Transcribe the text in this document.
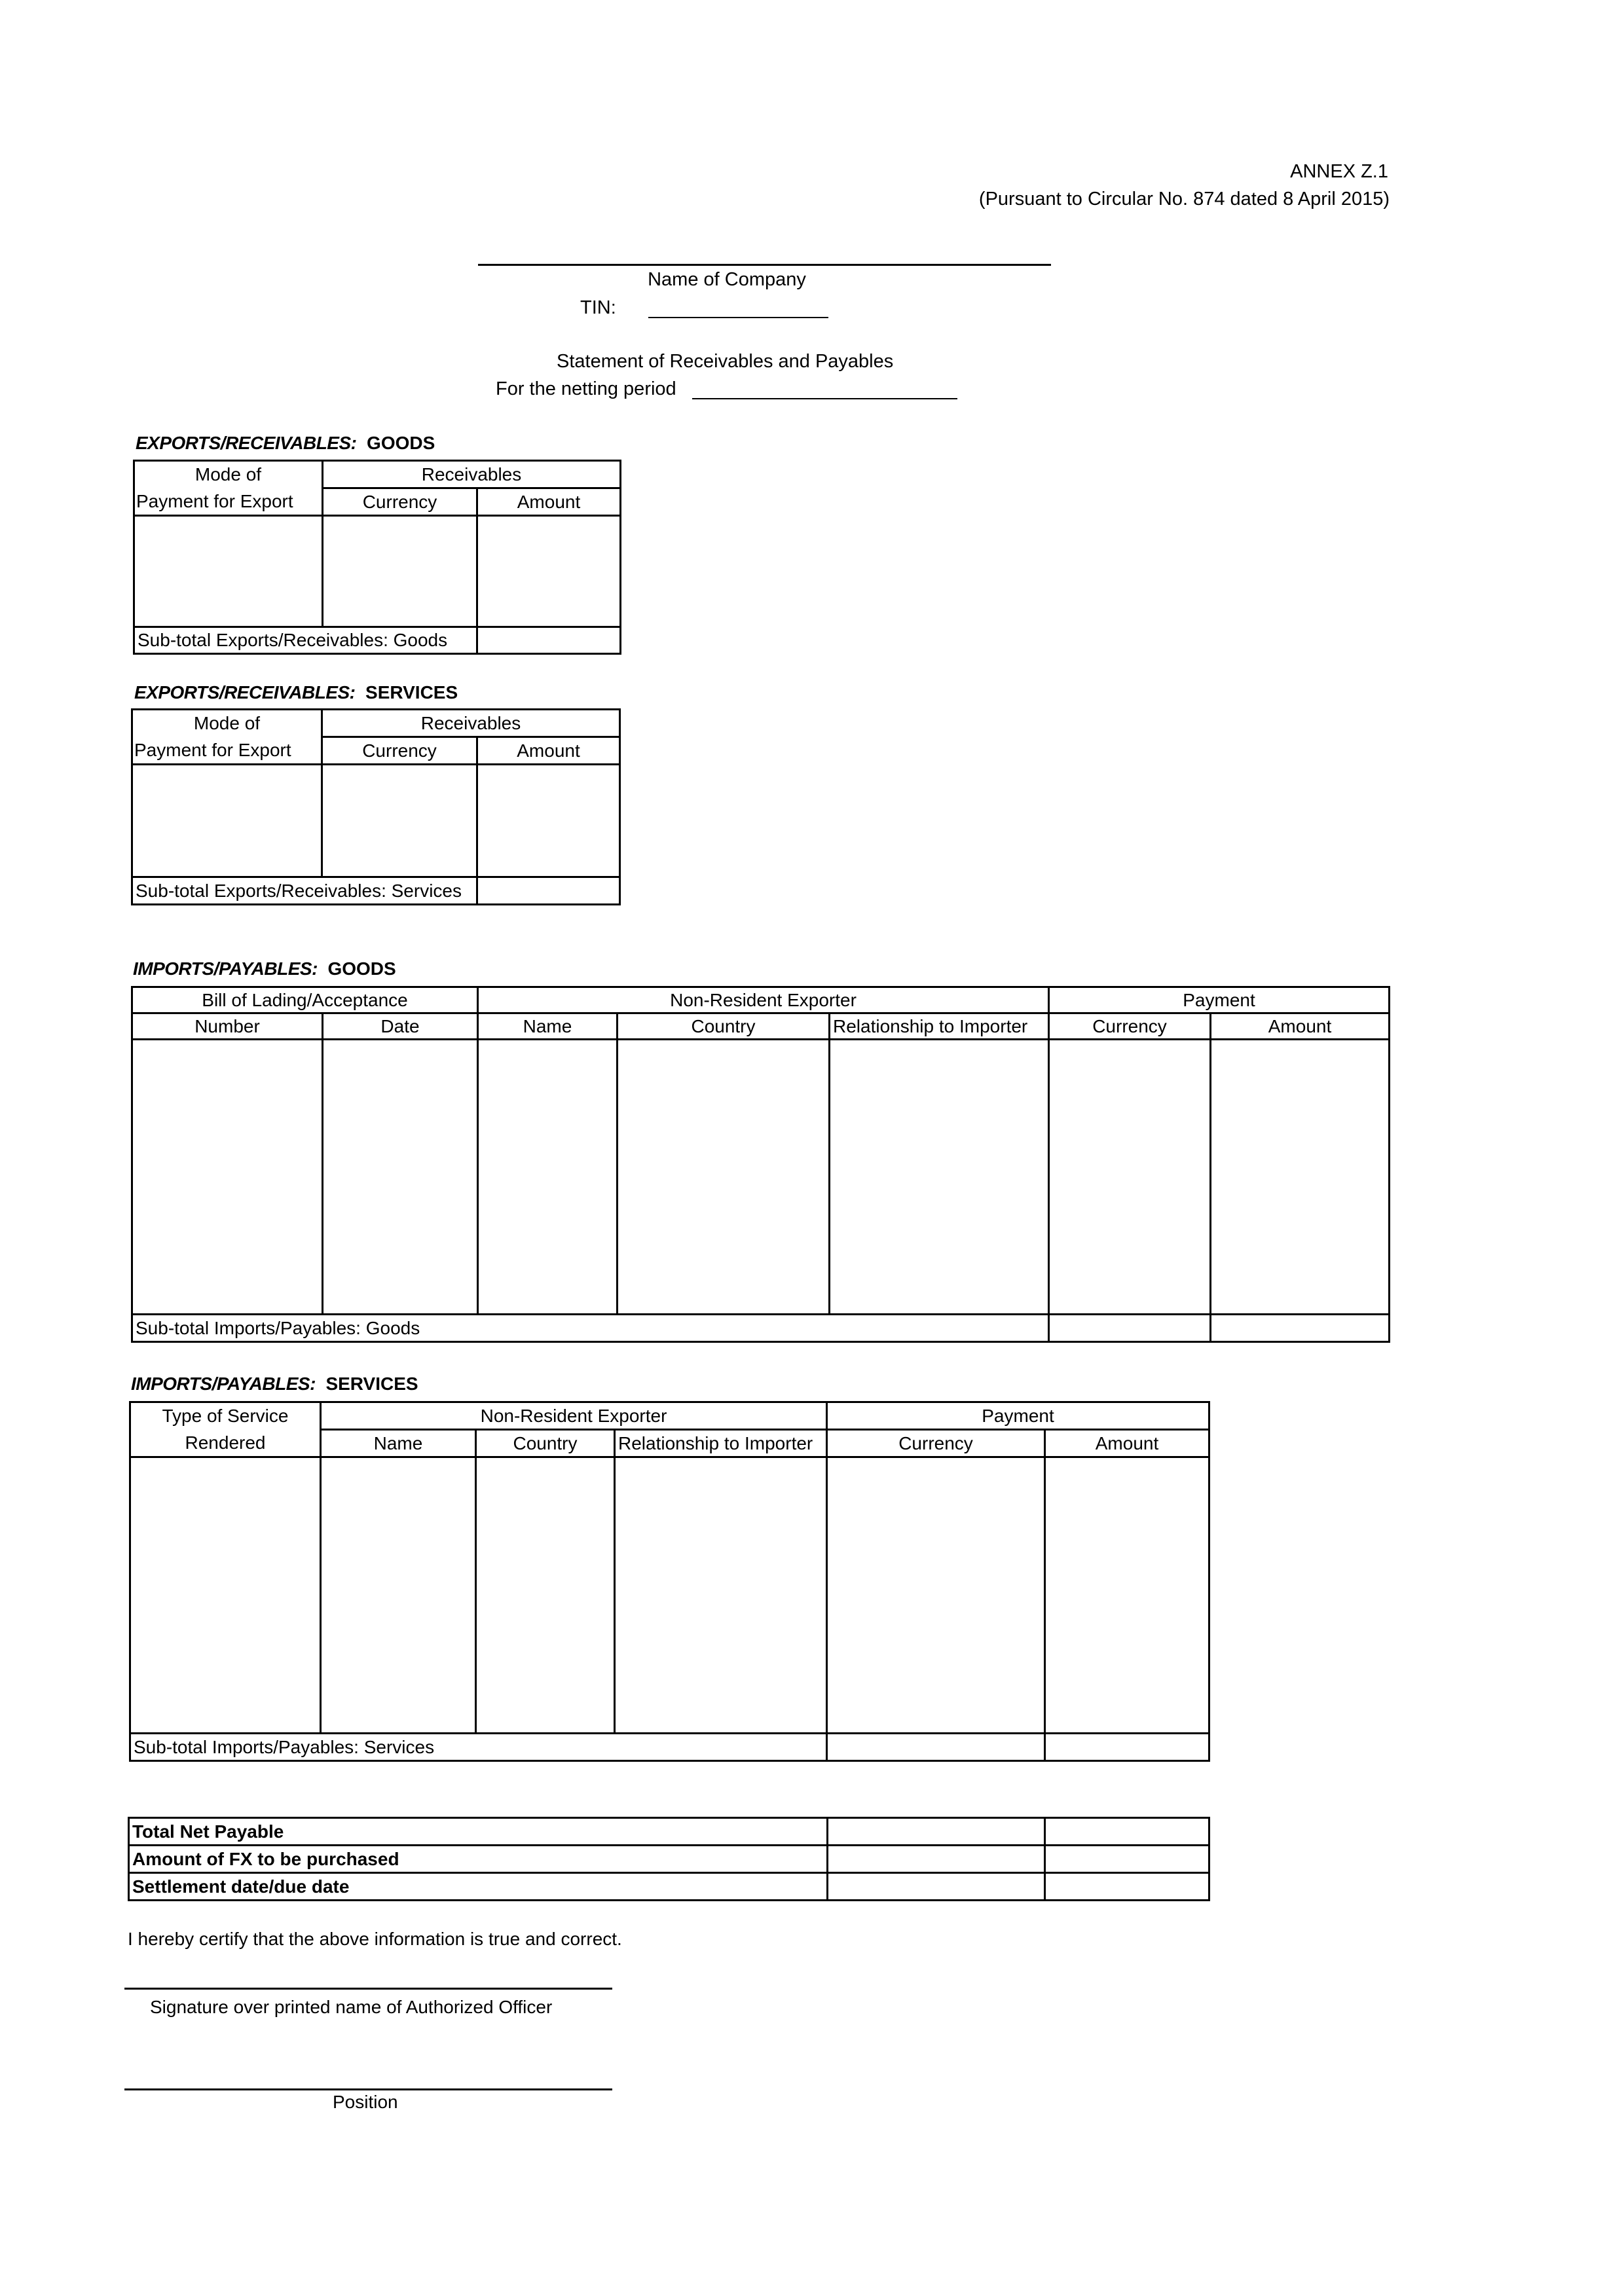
ANNEX Z.1
(Pursuant to Circular No. 874 dated 8 April 2015)
Name of Company
TIN:
Statement of Receivables and Payables
For the netting period
EXPORTS/RECEIVABLES: GOODS
Mode of
Payment for Export	Receivables	
	Currency	Amount

Sub-total Exports/Receivables: Goods		
EXPORTS/RECEIVABLES: SERVICES
Mode of
Payment for Export	Receivables	
	Currency	Amount

Sub-total Exports/Receivables: Services		
IMPORTS/PAYABLES: GOODS
Bill of Lading/Acceptance		Non-Resident Exporter			Payment	
Number	Date	Name	Country	Relationship to Importer	Currency	Amount

Sub-total Imports/Payables: Goods						
IMPORTS/PAYABLES: SERVICES
Type of Service
Rendered	Non-Resident Exporter			Payment	
	Name	Country	Relationship to Importer	Currency	Amount

Sub-total Imports/Payables: Services					
Total Net Payable		
Amount of FX to be purchased		
Settlement date/due date		
I hereby certify that the above information is true and correct.
Signature over printed name of Authorized Officer
Position
